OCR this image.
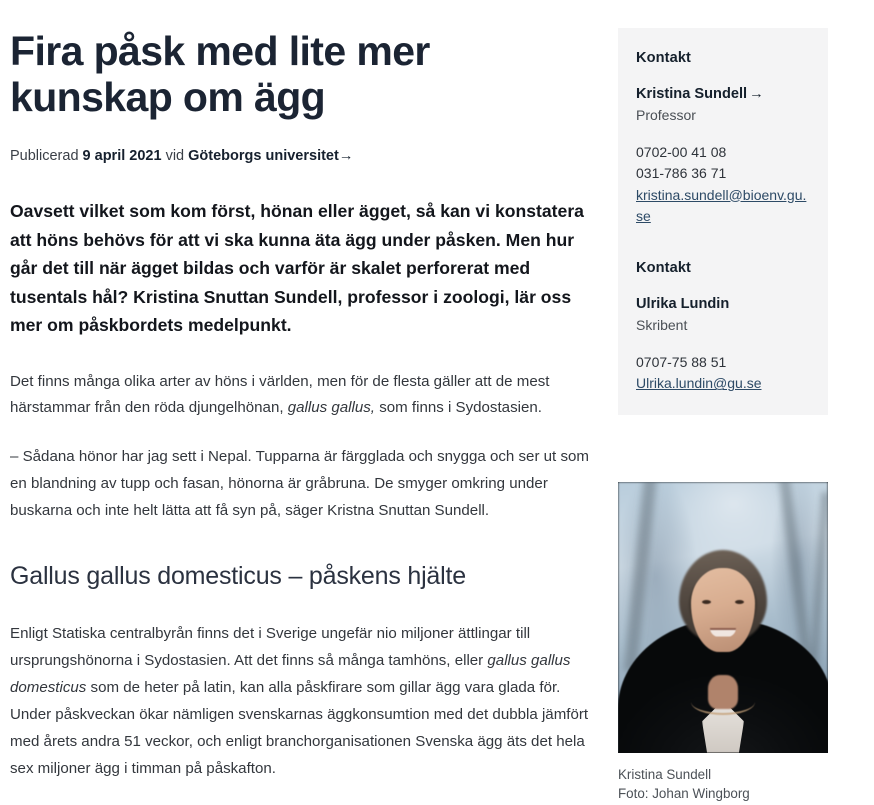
Fira påsk med lite mer kunskap om ägg

Publicerad 9 april 2021 vid Göteborgs universitet→

Oavsett vilket som kom först, hönan eller ägget, så kan vi konstatera att höns behövs för att vi ska kunna äta ägg under påsken. Men hur går det till när ägget bildas och varför är skalet perforerat med tusentals hål? Kristina Snuttan Sundell, professor i zoologi, lär oss mer om påskbordets medelpunkt.

Det finns många olika arter av höns i världen, men för de flesta gäller att de mest härstammar från den röda djungelhönan, gallus gallus, som finns i Sydostasien.

– Sådana hönor har jag sett i Nepal. Tupparna är färgglada och snygga och ser ut som en blandning av tupp och fasan, hönorna är gråbruna. De smyger omkring under buskarna och inte helt lätta att få syn på, säger Kristna Snuttan Sundell.

Gallus gallus domesticus – påskens hjälte

Enligt Statiska centralbyrån finns det i Sverige ungefär nio miljoner ättlingar till ursprungshönorna i Sydostasien. Att det finns så många tamhöns, eller gallus gallus domesticus som de heter på latin, kan alla påskfirare som gillar ägg vara glada för. Under påskveckan ökar nämligen svenskarnas äggkonsumtion med det dubbla jämfört med årets andra 51 veckor, och enligt branchorganisationen Svenska ägg äts det hela sex miljoner ägg i timman på påskafton.

Kontakt

Kristina Sundell →

Professor

0702-00 41 08
031-786 36 71
kristina.sundell@bioenv.gu.se

Kontakt

Ulrika Lundin

Skribent

0707-75 88 51
Ulrika.lundin@gu.se

Kristina Sundell
Foto: Johan Wingborg
